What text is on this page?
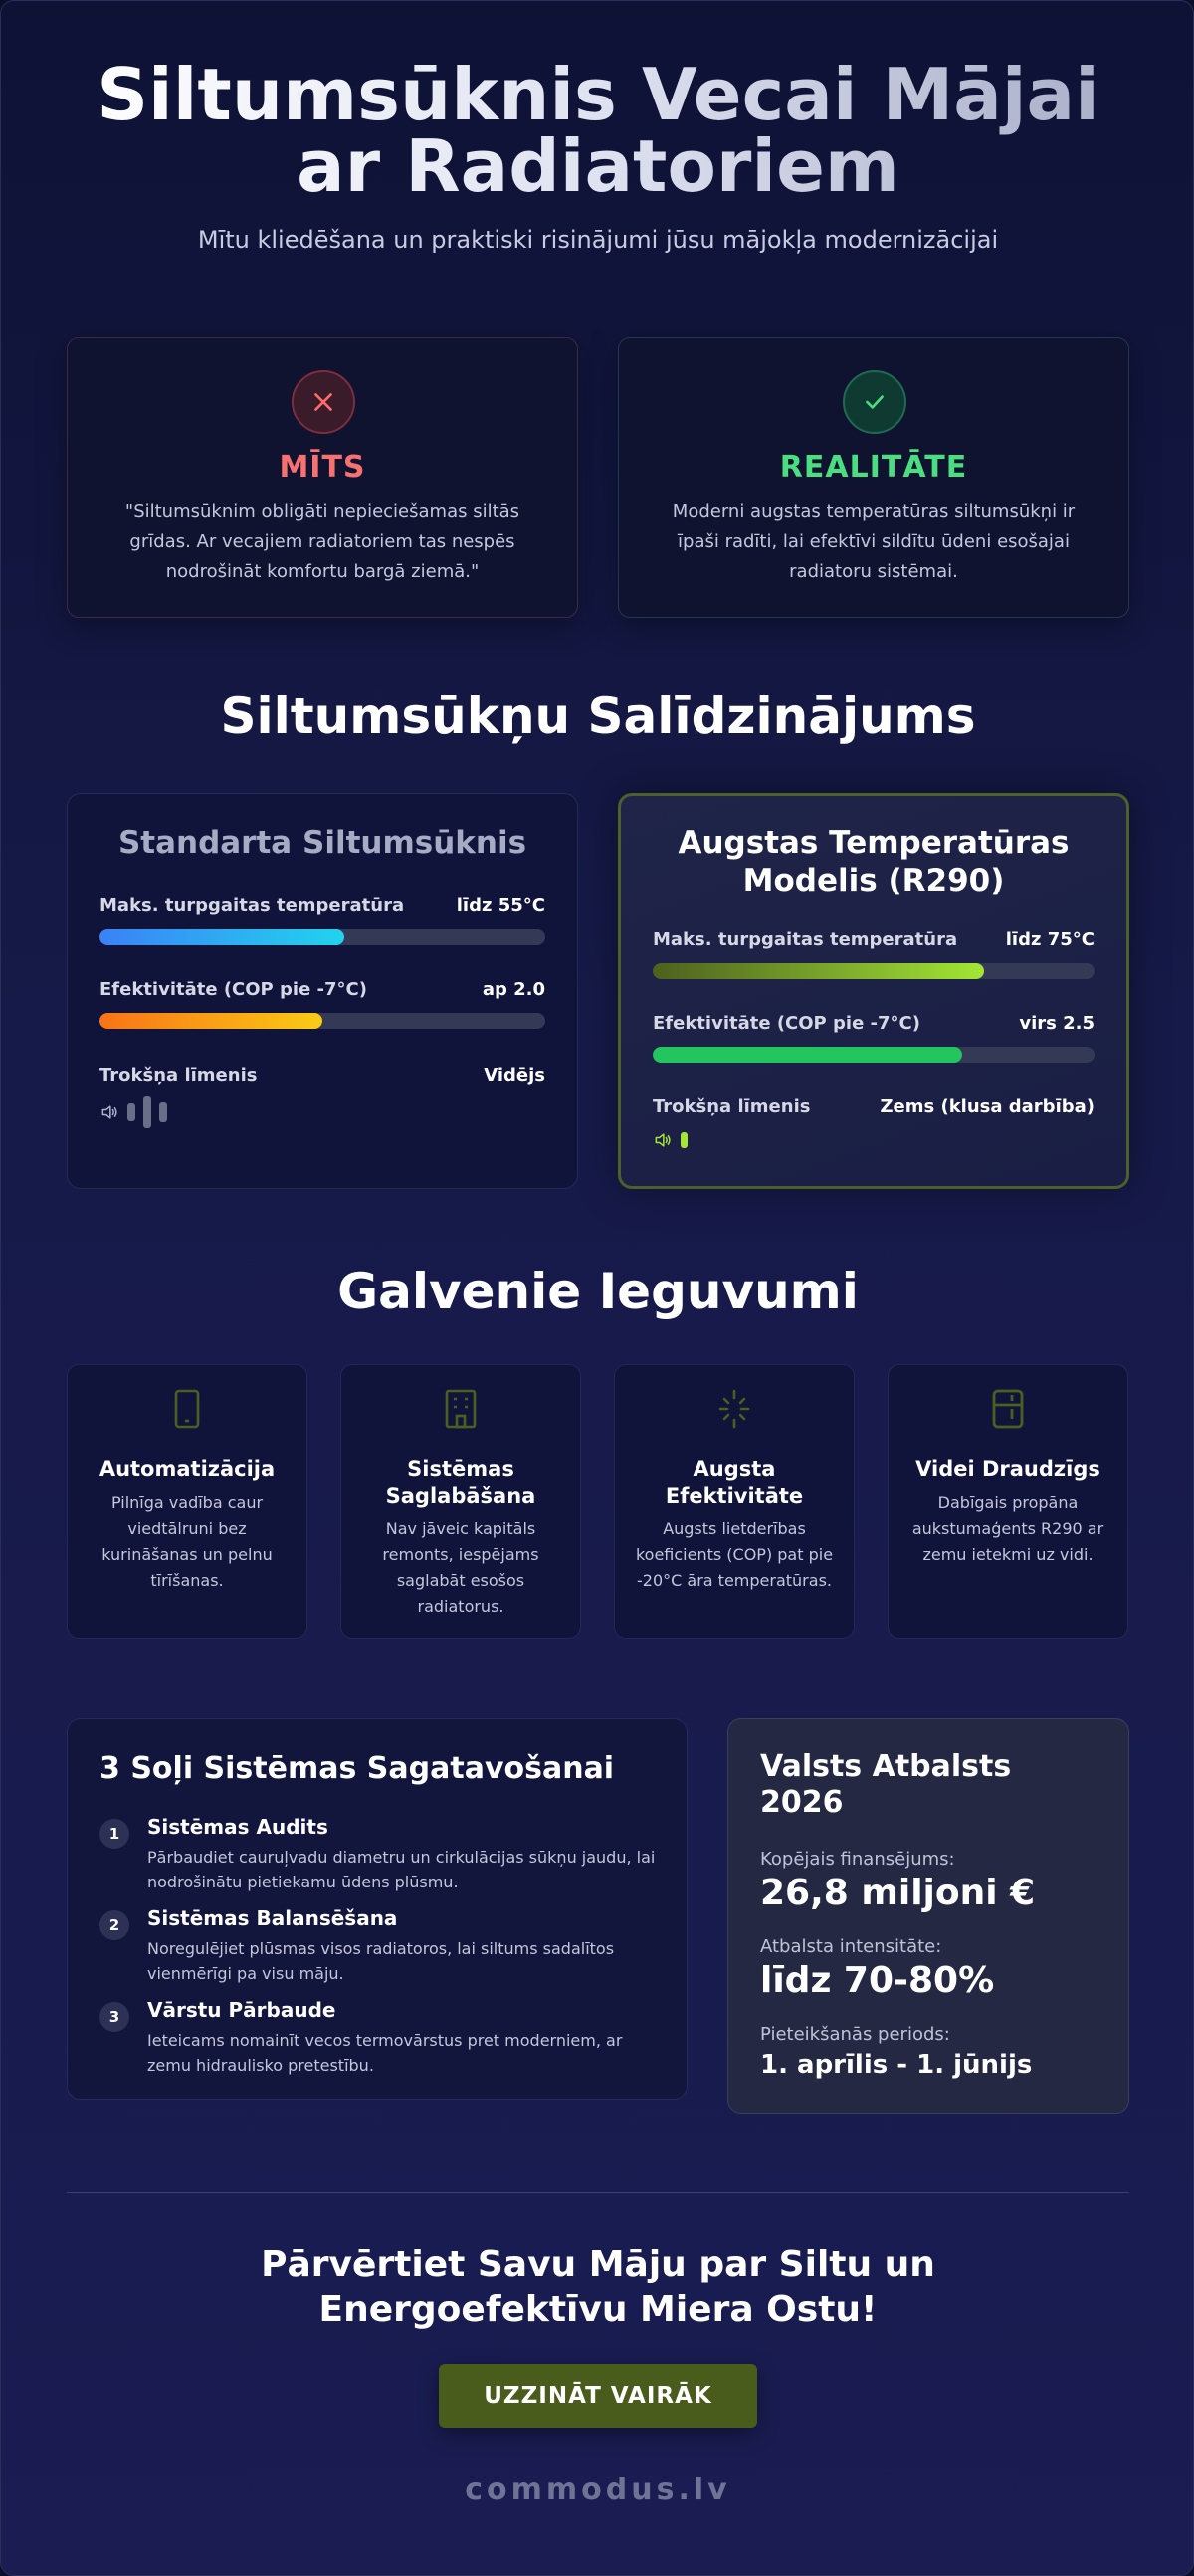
Siltumsūknis Vecai Mājai
ar Radiatoriem
Mītu kliedēšana un praktiski risinājumi jūsu mājokļa modernizācijai
MĪTS
"Siltumsūknim obligāti nepieciešamas siltās grīdas. Ar vecajiem radiatoriem tas nespēs nodrošināt komfortu bargā ziemā."
REALITĀTE
Moderni augstas temperatūras siltumsūkņi ir īpaši radīti, lai efektīvi sildītu ūdeni esošajai radiatoru sistēmai.
Siltumsūkņu Salīdzinājums
Standarta Siltumsūknis
Maks. turpgaitas temperatūra	līdz 55°C
Efektivitāte (COP pie -7°C)	ap 2.0
Trokšņa līmenis	Vidējs
Augstas Temperatūras
Modelis (R290)
Maks. turpgaitas temperatūra	līdz 75°C
Efektivitāte (COP pie -7°C)	virs 2.5
Trokšņa līmenis	Zems (klusa darbība)
Galvenie Ieguvumi
Automatizācija
Pilnīga vadība caur viedtālruni bez kurināšanas un pelnu tīrīšanas.
Sistēmas Saglabāšana
Nav jāveic kapitāls remonts, iespējams saglabāt esošos radiatorus.
Augsta Efektivitāte
Augsts lietderības koeficients (COP) pat pie -20°C āra temperatūras.
Videi Draudzīgs
Dabīgais propāna aukstumaģents R290 ar zemu ietekmi uz vidi.
3 Soļi Sistēmas Sagatavošanai
1	Sistēmas Audits
Pārbaudiet cauruļvadu diametru un cirkulācijas sūkņu jaudu, lai nodrošinātu pietiekamu ūdens plūsmu.
2	Sistēmas Balansēšana
Noregulējiet plūsmas visos radiatoros, lai siltums sadalītos vienmērīgi pa visu māju.
3	Vārstu Pārbaude
Ieteicams nomainīt vecos termovārstus pret moderniem, ar zemu hidraulisko pretestību.
Valsts Atbalsts
2026
Kopējais finansējums:
26,8 miljoni €
Atbalsta intensitāte:
līdz 70-80%
Pieteikšanās periods:
1. aprīlis - 1. jūnijs
Pārvērtiet Savu Māju par Siltu un
Energoefektīvu Miera Ostu!
UZZINĀT VAIRĀK
commodus.lv
